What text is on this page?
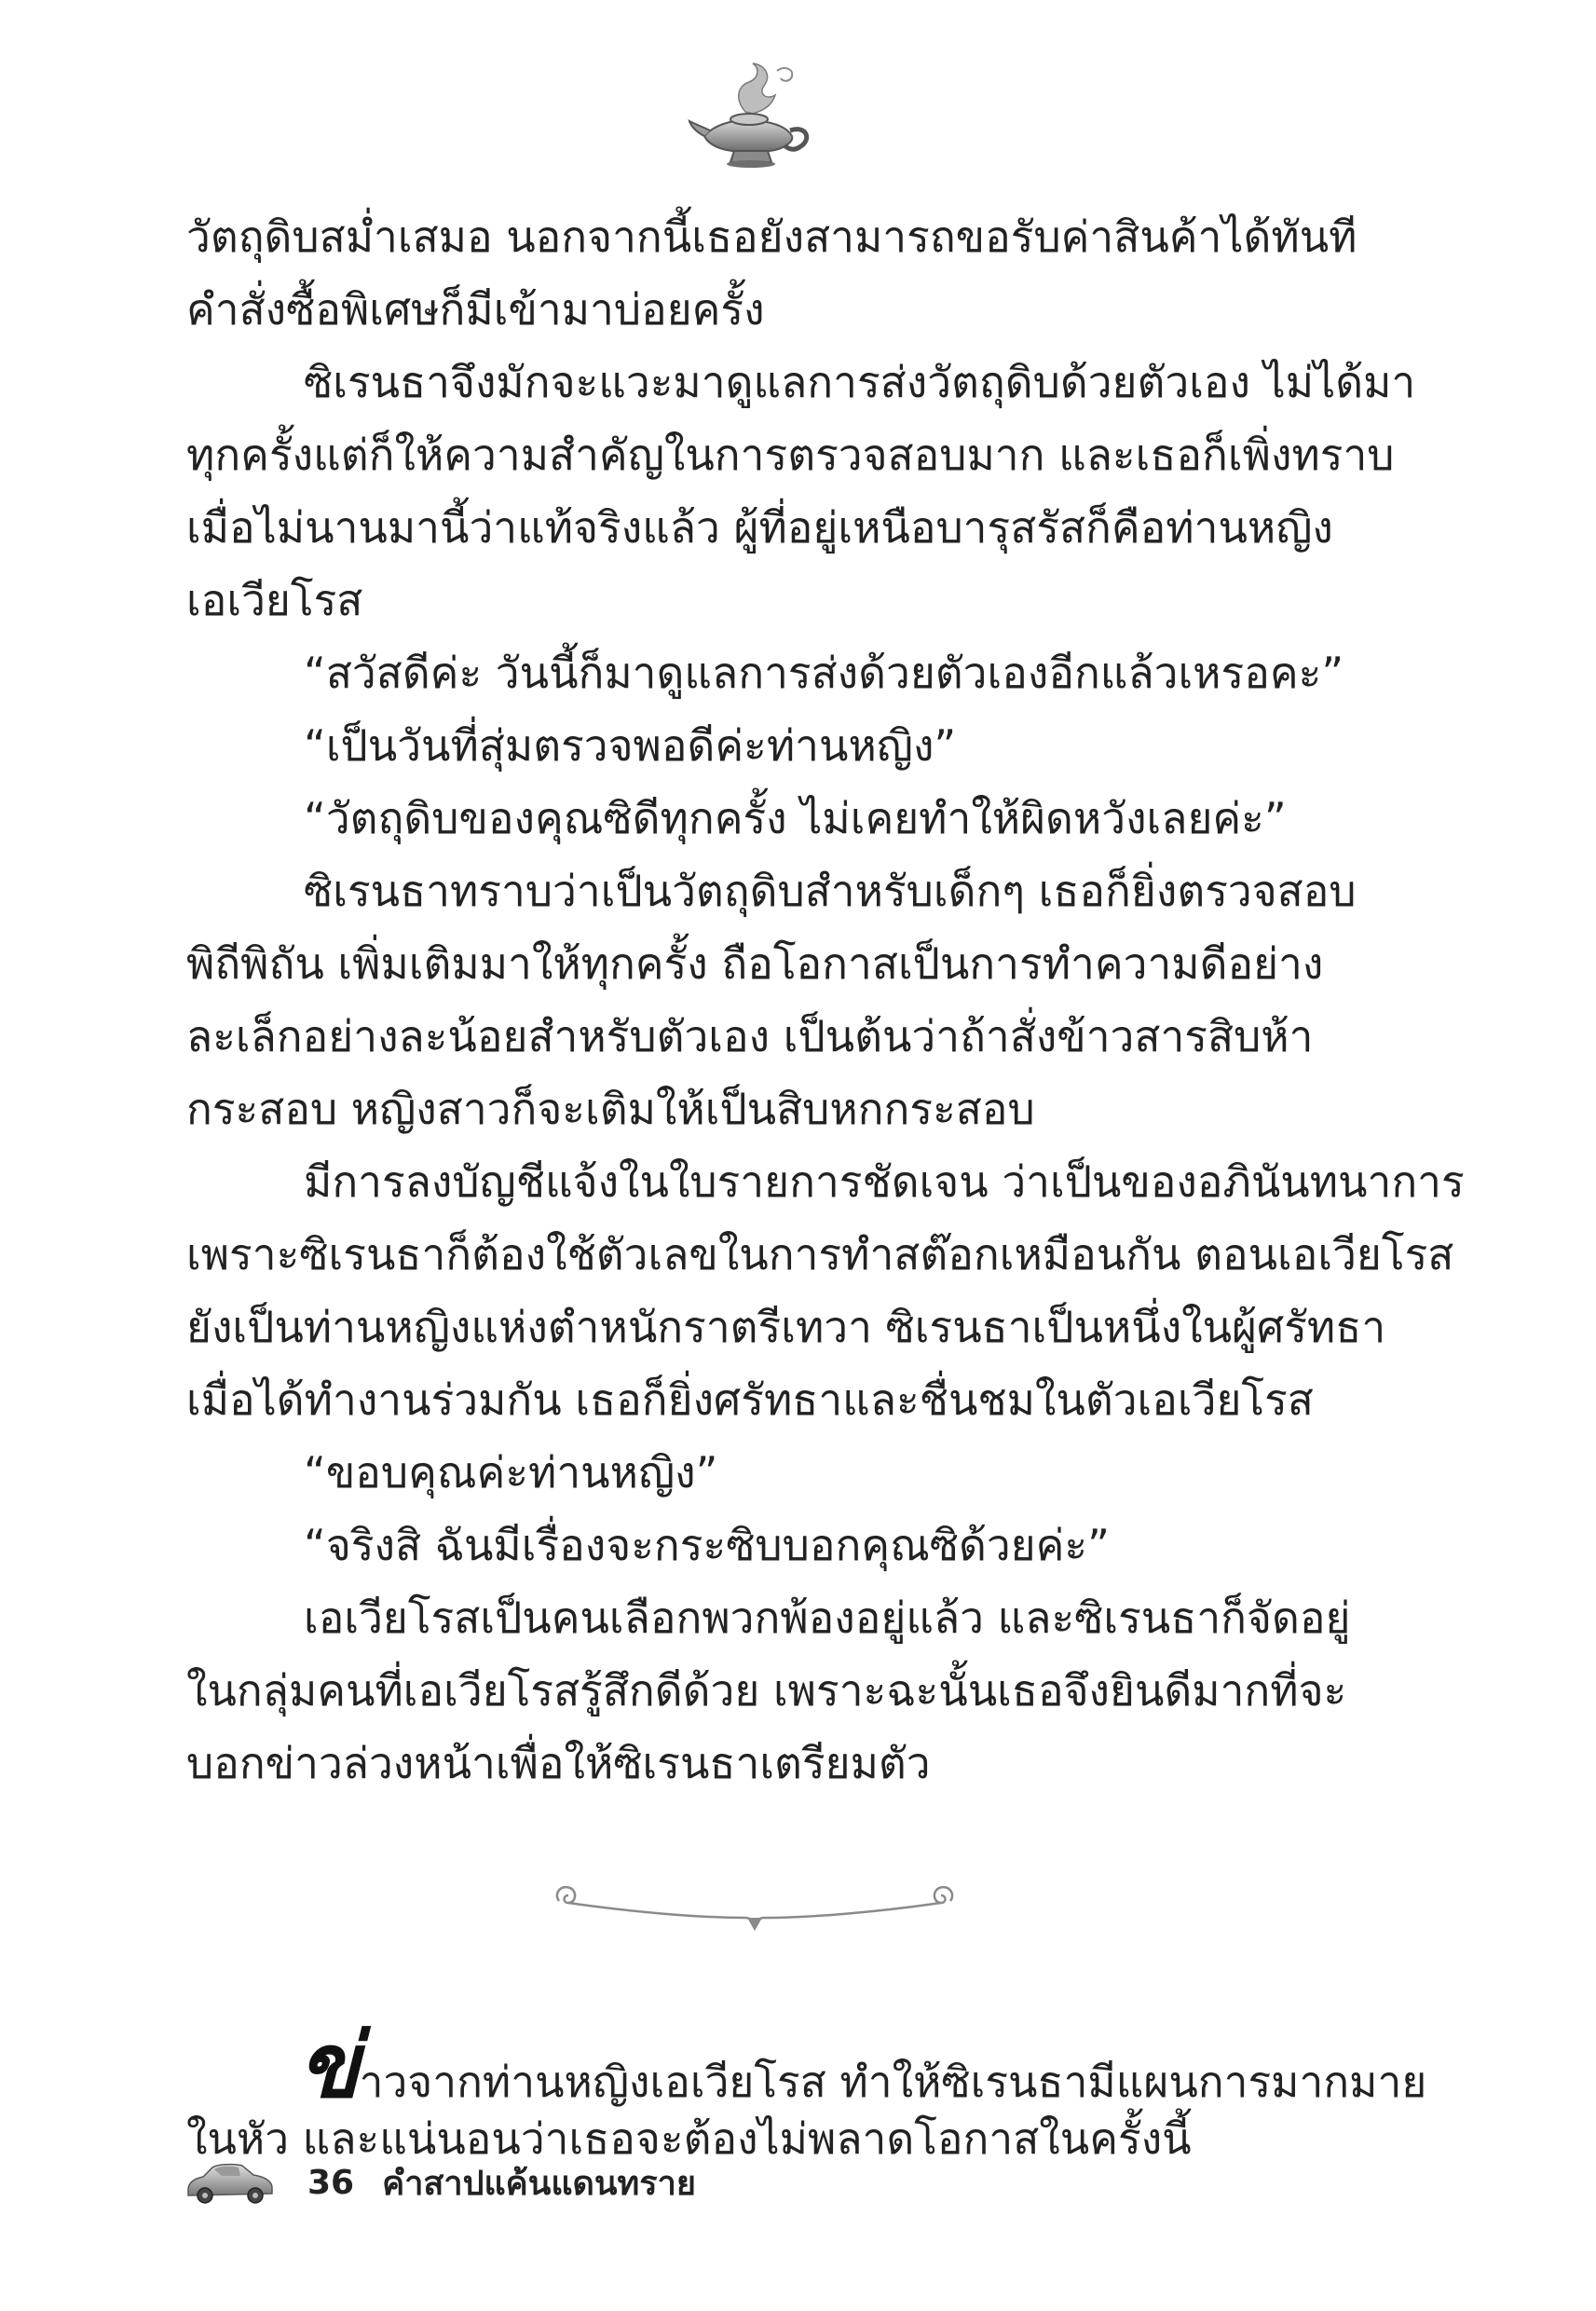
วัตถุดิบสม่ำเสมอ นอกจากนี้เธอยังสามารถขอรับค่าสินค้าได้ทันที
คำสั่งซื้อพิเศษก็มีเข้ามาบ่อยครั้ง
ซิเรนธาจึงมักจะแวะมาดูแลการส่งวัตถุดิบด้วยตัวเอง ไม่ได้มา
ทุกครั้งแต่ก็ให้ความสำคัญในการตรวจสอบมาก และเธอก็เพิ่งทราบ
เมื่อไม่นานมานี้ว่าแท้จริงแล้ว ผู้ที่อยู่เหนือบารุสรัสก็คือท่านหญิง
เอเวียโรส
“สวัสดีค่ะ วันนี้ก็มาดูแลการส่งด้วยตัวเองอีกแล้วเหรอคะ”
“เป็นวันที่สุ่มตรวจพอดีค่ะท่านหญิง”
“วัตถุดิบของคุณซิดีทุกครั้ง ไม่เคยทำให้ผิดหวังเลยค่ะ”
ซิเรนธาทราบว่าเป็นวัตถุดิบสำหรับเด็กๆ เธอก็ยิ่งตรวจสอบ
พิถีพิถัน เพิ่มเติมมาให้ทุกครั้ง ถือโอกาสเป็นการทำความดีอย่าง
ละเล็กอย่างละน้อยสำหรับตัวเอง เป็นต้นว่าถ้าสั่งข้าวสารสิบห้า
กระสอบ หญิงสาวก็จะเติมให้เป็นสิบหกกระสอบ
มีการลงบัญชีแจ้งในใบรายการชัดเจน ว่าเป็นของอภินันทนาการ
เพราะซิเรนธาก็ต้องใช้ตัวเลขในการทำสต๊อกเหมือนกัน ตอนเอเวียโรส
ยังเป็นท่านหญิงแห่งตำหนักราตรีเทวา ซิเรนธาเป็นหนึ่งในผู้ศรัทธา
เมื่อได้ทำงานร่วมกัน เธอก็ยิ่งศรัทธาและชื่นชมในตัวเอเวียโรส
“ขอบคุณค่ะท่านหญิง”
“จริงสิ ฉันมีเรื่องจะกระซิบบอกคุณซิด้วยค่ะ”
เอเวียโรสเป็นคนเลือกพวกพ้องอยู่แล้ว และซิเรนธาก็จัดอยู่
ในกลุ่มคนที่เอเวียโรสรู้สึกดีด้วย เพราะฉะนั้นเธอจึงยินดีมากที่จะ
บอกข่าวล่วงหน้าเพื่อให้ซิเรนธาเตรียมตัว
ข่าวจากท่านหญิงเอเวียโรส ทำให้ซิเรนธามีแผนการมากมาย
ในหัว และแน่นอนว่าเธอจะต้องไม่พลาดโอกาสในครั้งนี้
36 คำสาปแค้นแดนทราย
